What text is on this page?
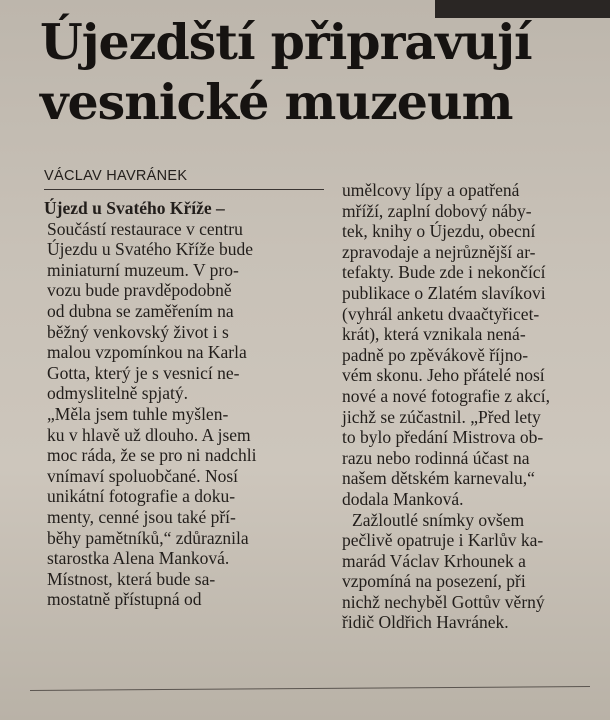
Újezdští připravují
vesnické muzeum
VÁCLAV HAVRÁNEK
Újezd u Svatého Kříže –
Součástí restaurace v centru
Újezdu u Svatého Kříže bude
miniaturní muzeum. V pro-
vozu bude pravděpodobně
od dubna se zaměřením na
běžný venkovský život i s
malou vzpomínkou na Karla
Gotta, který je s vesnicí ne-
odmyslitelně spjatý.
„Měla jsem tuhle myšlen-
ku v hlavě už dlouho. A jsem
moc ráda, že se pro ni nadchli
vnímaví spoluobčané. Nosí
unikátní fotografie a doku-
menty, cenné jsou také pří-
běhy pamětníků,“ zdůraznila
starostka Alena Manková.
Místnost, která bude sa-
mostatně přístupná od
umělcovy lípy a opatřená
mříží, zaplní dobový náby-
tek, knihy o Újezdu, obecní
zpravodaje a nejrůznější ar-
tefakty. Bude zde i nekončící
publikace o Zlatém slavíkovi
(vyhrál anketu dvaačtyřicet-
krát), která vznikala nená-
padně po zpěvákově říjno-
vém skonu. Jeho přátelé nosí
nové a nové fotografie z akcí,
jichž se zúčastnil. „Před lety
to bylo předání Mistrova ob-
razu nebo rodinná účast na
našem dětském karnevalu,“
dodala Manková.
Zažloutlé snímky ovšem
pečlivě opatruje i Karlův ka-
marád Václav Krhounek a
vzpomíná na posezení, při
nichž nechyběl Gottův věrný
řidič Oldřich Havránek.
